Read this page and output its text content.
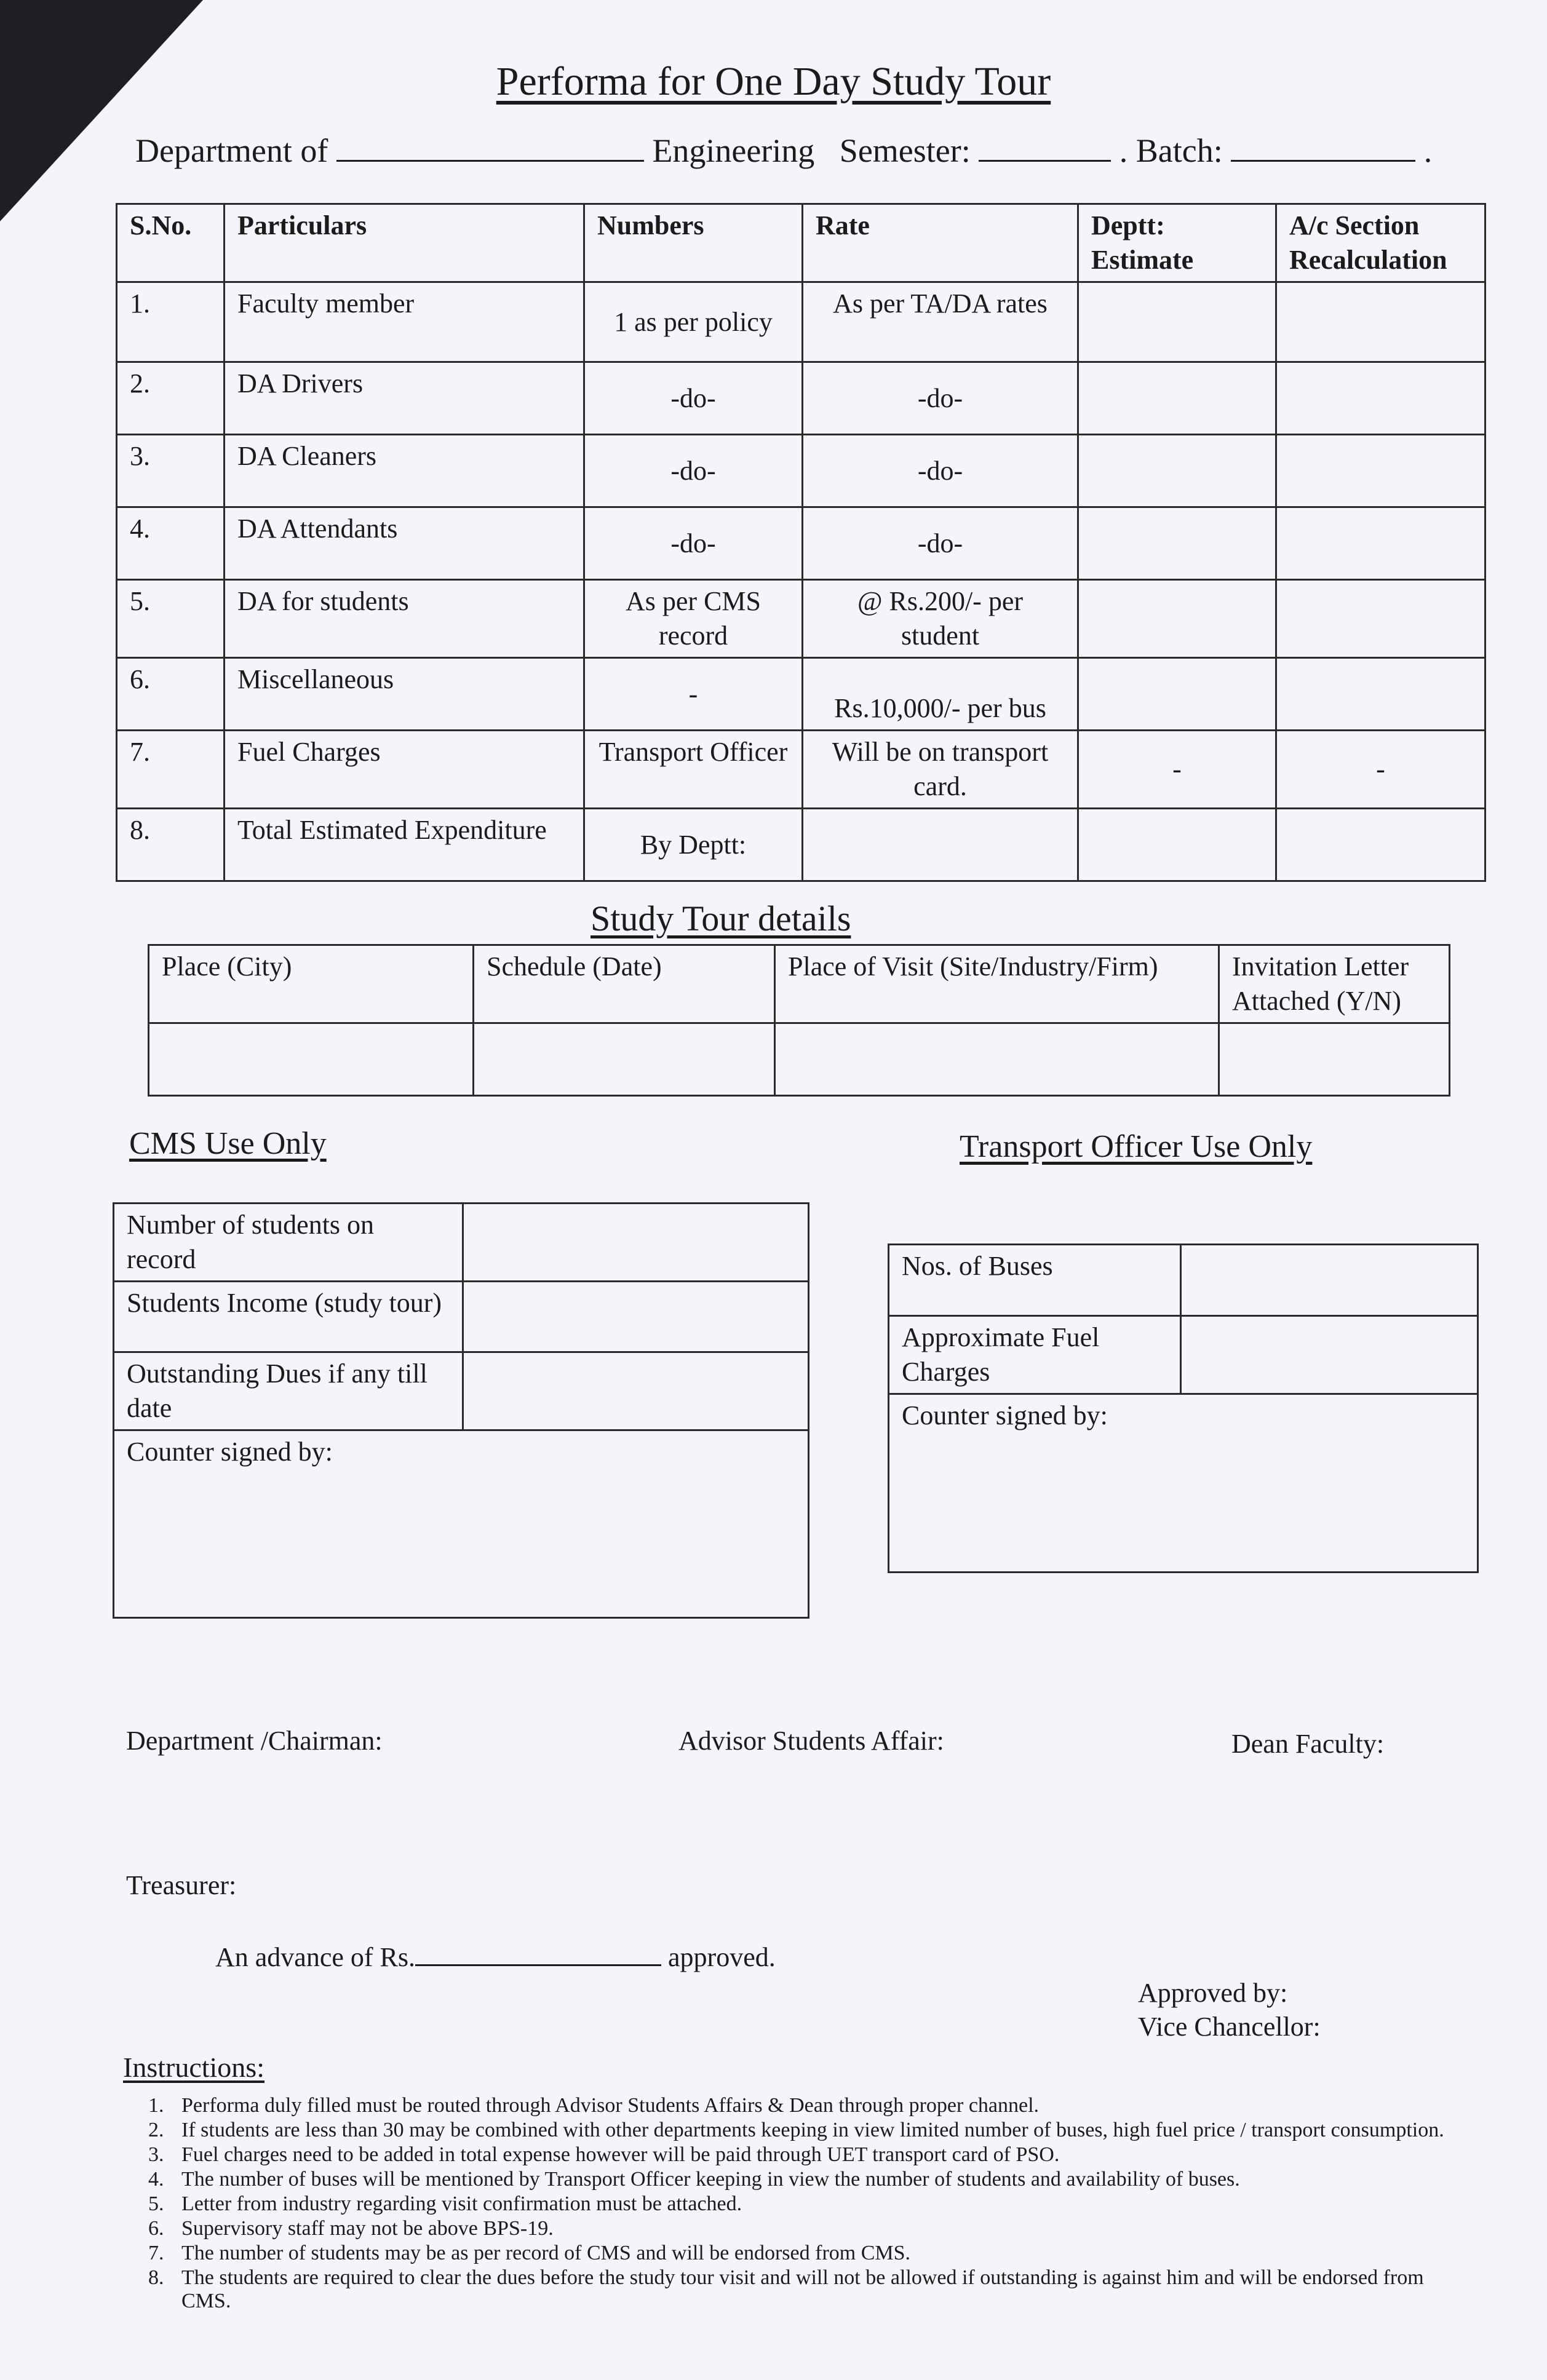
Performa for One Day Study Tour
Department of	Engineering Semester:	. Batch:	.
S.No.	Particulars	Numbers	Rate	Deptt: Estimate	A/c Section Recalculation
1.	Faculty member	1 as per policy	As per TA/DA rates		
2.	DA Drivers	-do-	-do-		
3.	DA Cleaners	-do-	-do-		
4.	DA Attendants	-do-	-do-		
5.	DA for students	As per CMS record	@ Rs.200/- per student		
6.	Miscellaneous	-	Rs.10,000/- per bus		
7.	Fuel Charges	Transport Officer	Will be on transport card.	-	-
8.	Total Estimated Expenditure	By Deptt:			
Study Tour details
Place (City)	Schedule (Date)	Place of Visit (Site/Industry/Firm)	Invitation Letter Attached (Y/N)

CMS Use Only
Number of students on record	
Students Income (study tour)	
Outstanding Dues if any till date	
Counter signed by:	
Transport Officer Use Only
Nos. of Buses	
Approximate Fuel Charges	
Counter signed by:	
Department /Chairman:	Advisor Students Affair:	Dean Faculty:
Treasurer:
An advance of Rs.	approved.
Approved by:
Vice Chancellor:
Instructions:
1. Performa duly filled must be routed through Advisor Students Affairs & Dean through proper channel.
2. If students are less than 30 may be combined with other departments keeping in view limited number of buses, high fuel price / transport consumption.
3. Fuel charges need to be added in total expense however will be paid through UET transport card of PSO.
4. The number of buses will be mentioned by Transport Officer keeping in view the number of students and availability of buses.
5. Letter from industry regarding visit confirmation must be attached.
6. Supervisory staff may not be above BPS-19.
7. The number of students may be as per record of CMS and will be endorsed from CMS.
8. The students are required to clear the dues before the study tour visit and will not be allowed if outstanding is against him and will be endorsed from CMS.
